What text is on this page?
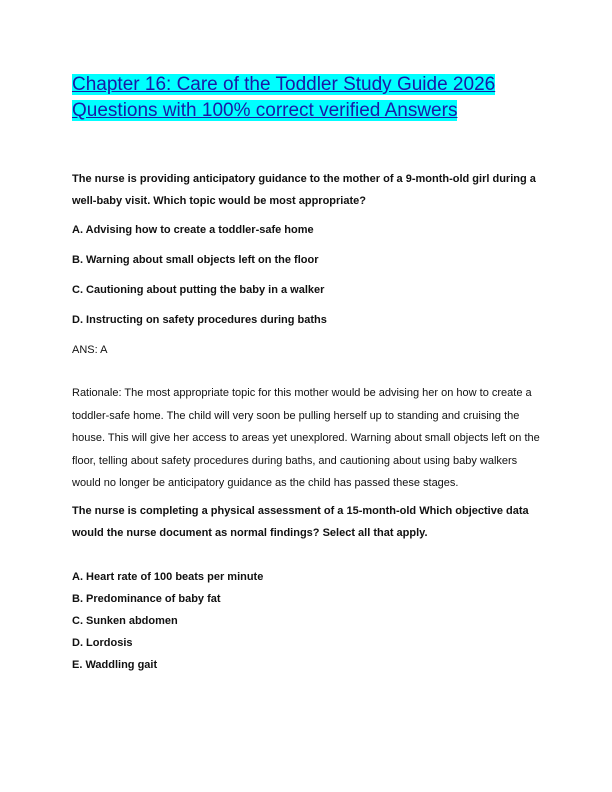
Chapter 16: Care of the Toddler Study Guide 2026 Questions with 100% correct verified Answers

The nurse is providing anticipatory guidance to the mother of a 9-month-old girl during a well-baby visit. Which topic would be most appropriate?

A. Advising how to create a toddler-safe home

B. Warning about small objects left on the floor

C. Cautioning about putting the baby in a walker

D. Instructing on safety procedures during baths

ANS: A

Rationale: The most appropriate topic for this mother would be advising her on how to create a toddler-safe home. The child will very soon be pulling herself up to standing and cruising the house. This will give her access to areas yet unexplored. Warning about small objects left on the floor, telling about safety procedures during baths, and cautioning about using baby walkers would no longer be anticipatory guidance as the child has passed these stages.

The nurse is completing a physical assessment of a 15-month-old Which objective data would the nurse document as normal findings? Select all that apply.

A. Heart rate of 100 beats per minute

B. Predominance of baby fat

C. Sunken abdomen

D. Lordosis

E. Waddling gait
